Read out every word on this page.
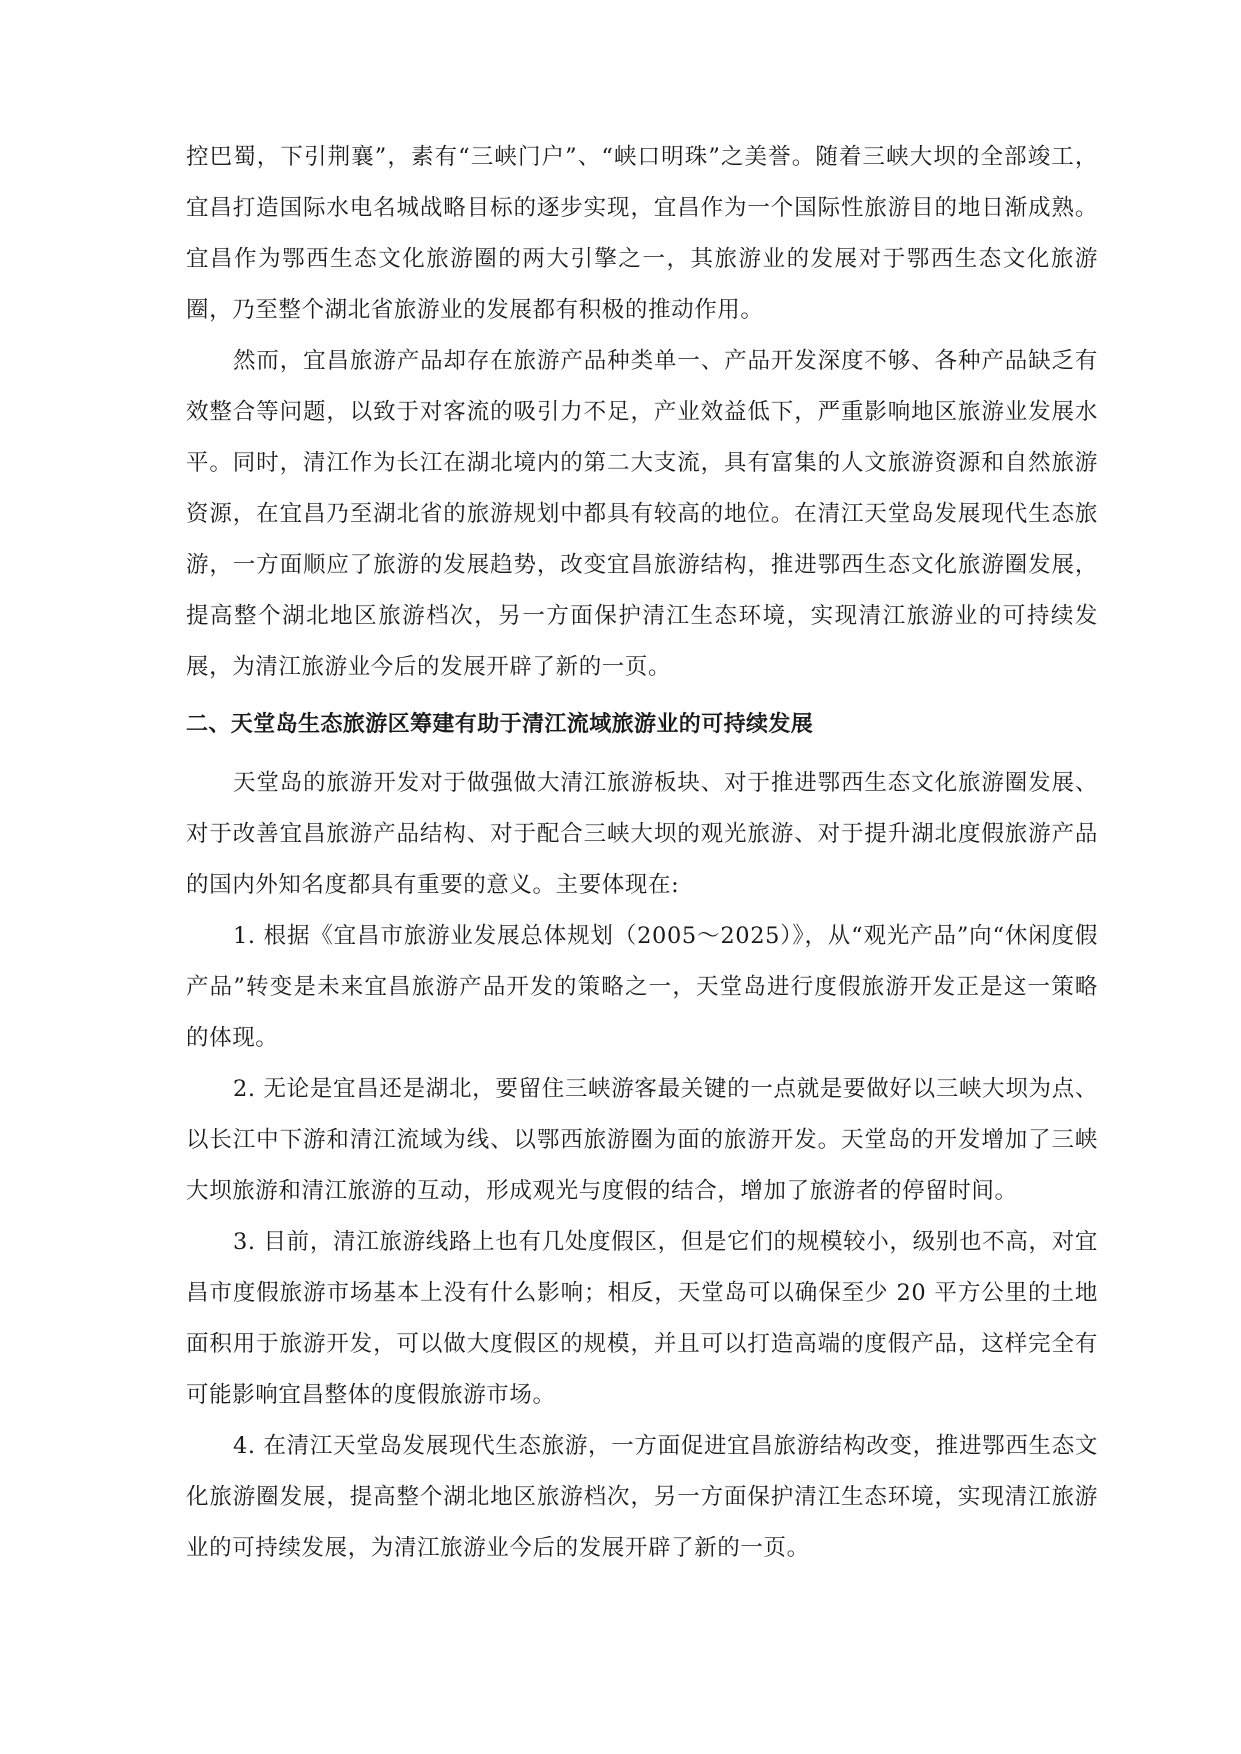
控巴蜀，下引荆襄”，素有“三峡门户”、“峡口明珠”之美誉。随着三峡大坝的全部竣工，宜昌打造国际水电名城战略目标的逐步实现，宜昌作为一个国际性旅游目的地日渐成熟。宜昌作为鄂西生态文化旅游圈的两大引擎之一，其旅游业的发展对于鄂西生态文化旅游圈，乃至整个湖北省旅游业的发展都有积极的推动作用。

然而，宜昌旅游产品却存在旅游产品种类单一、产品开发深度不够、各种产品缺乏有效整合等问题，以致于对客流的吸引力不足，产业效益低下，严重影响地区旅游业发展水平。同时，清江作为长江在湖北境内的第二大支流，具有富集的人文旅游资源和自然旅游资源，在宜昌乃至湖北省的旅游规划中都具有较高的地位。在清江天堂岛发展现代生态旅游，一方面顺应了旅游的发展趋势，改变宜昌旅游结构，推进鄂西生态文化旅游圈发展，提高整个湖北地区旅游档次，另一方面保护清江生态环境，实现清江旅游业的可持续发展，为清江旅游业今后的发展开辟了新的一页。

二、天堂岛生态旅游区筹建有助于清江流域旅游业的可持续发展

天堂岛的旅游开发对于做强做大清江旅游板块、对于推进鄂西生态文化旅游圈发展、对于改善宜昌旅游产品结构、对于配合三峡大坝的观光旅游、对于提升湖北度假旅游产品的国内外知名度都具有重要的意义。主要体现在:

1. 根据《宜昌市旅游业发展总体规划（2005～2025）》，从“观光产品”向“休闲度假产品”转变是未来宜昌旅游产品开发的策略之一，天堂岛进行度假旅游开发正是这一策略的体现。

2. 无论是宜昌还是湖北，要留住三峡游客最关键的一点就是要做好以三峡大坝为点、以长江中下游和清江流域为线、以鄂西旅游圈为面的旅游开发。天堂岛的开发增加了三峡大坝旅游和清江旅游的互动，形成观光与度假的结合，增加了旅游者的停留时间。

3. 目前，清江旅游线路上也有几处度假区，但是它们的规模较小，级别也不高，对宜昌市度假旅游市场基本上没有什么影响；相反，天堂岛可以确保至少 20 平方公里的土地面积用于旅游开发，可以做大度假区的规模，并且可以打造高端的度假产品，这样完全有可能影响宜昌整体的度假旅游市场。

4. 在清江天堂岛发展现代生态旅游，一方面促进宜昌旅游结构改变，推进鄂西生态文化旅游圈发展，提高整个湖北地区旅游档次，另一方面保护清江生态环境，实现清江旅游业的可持续发展，为清江旅游业今后的发展开辟了新的一页。
